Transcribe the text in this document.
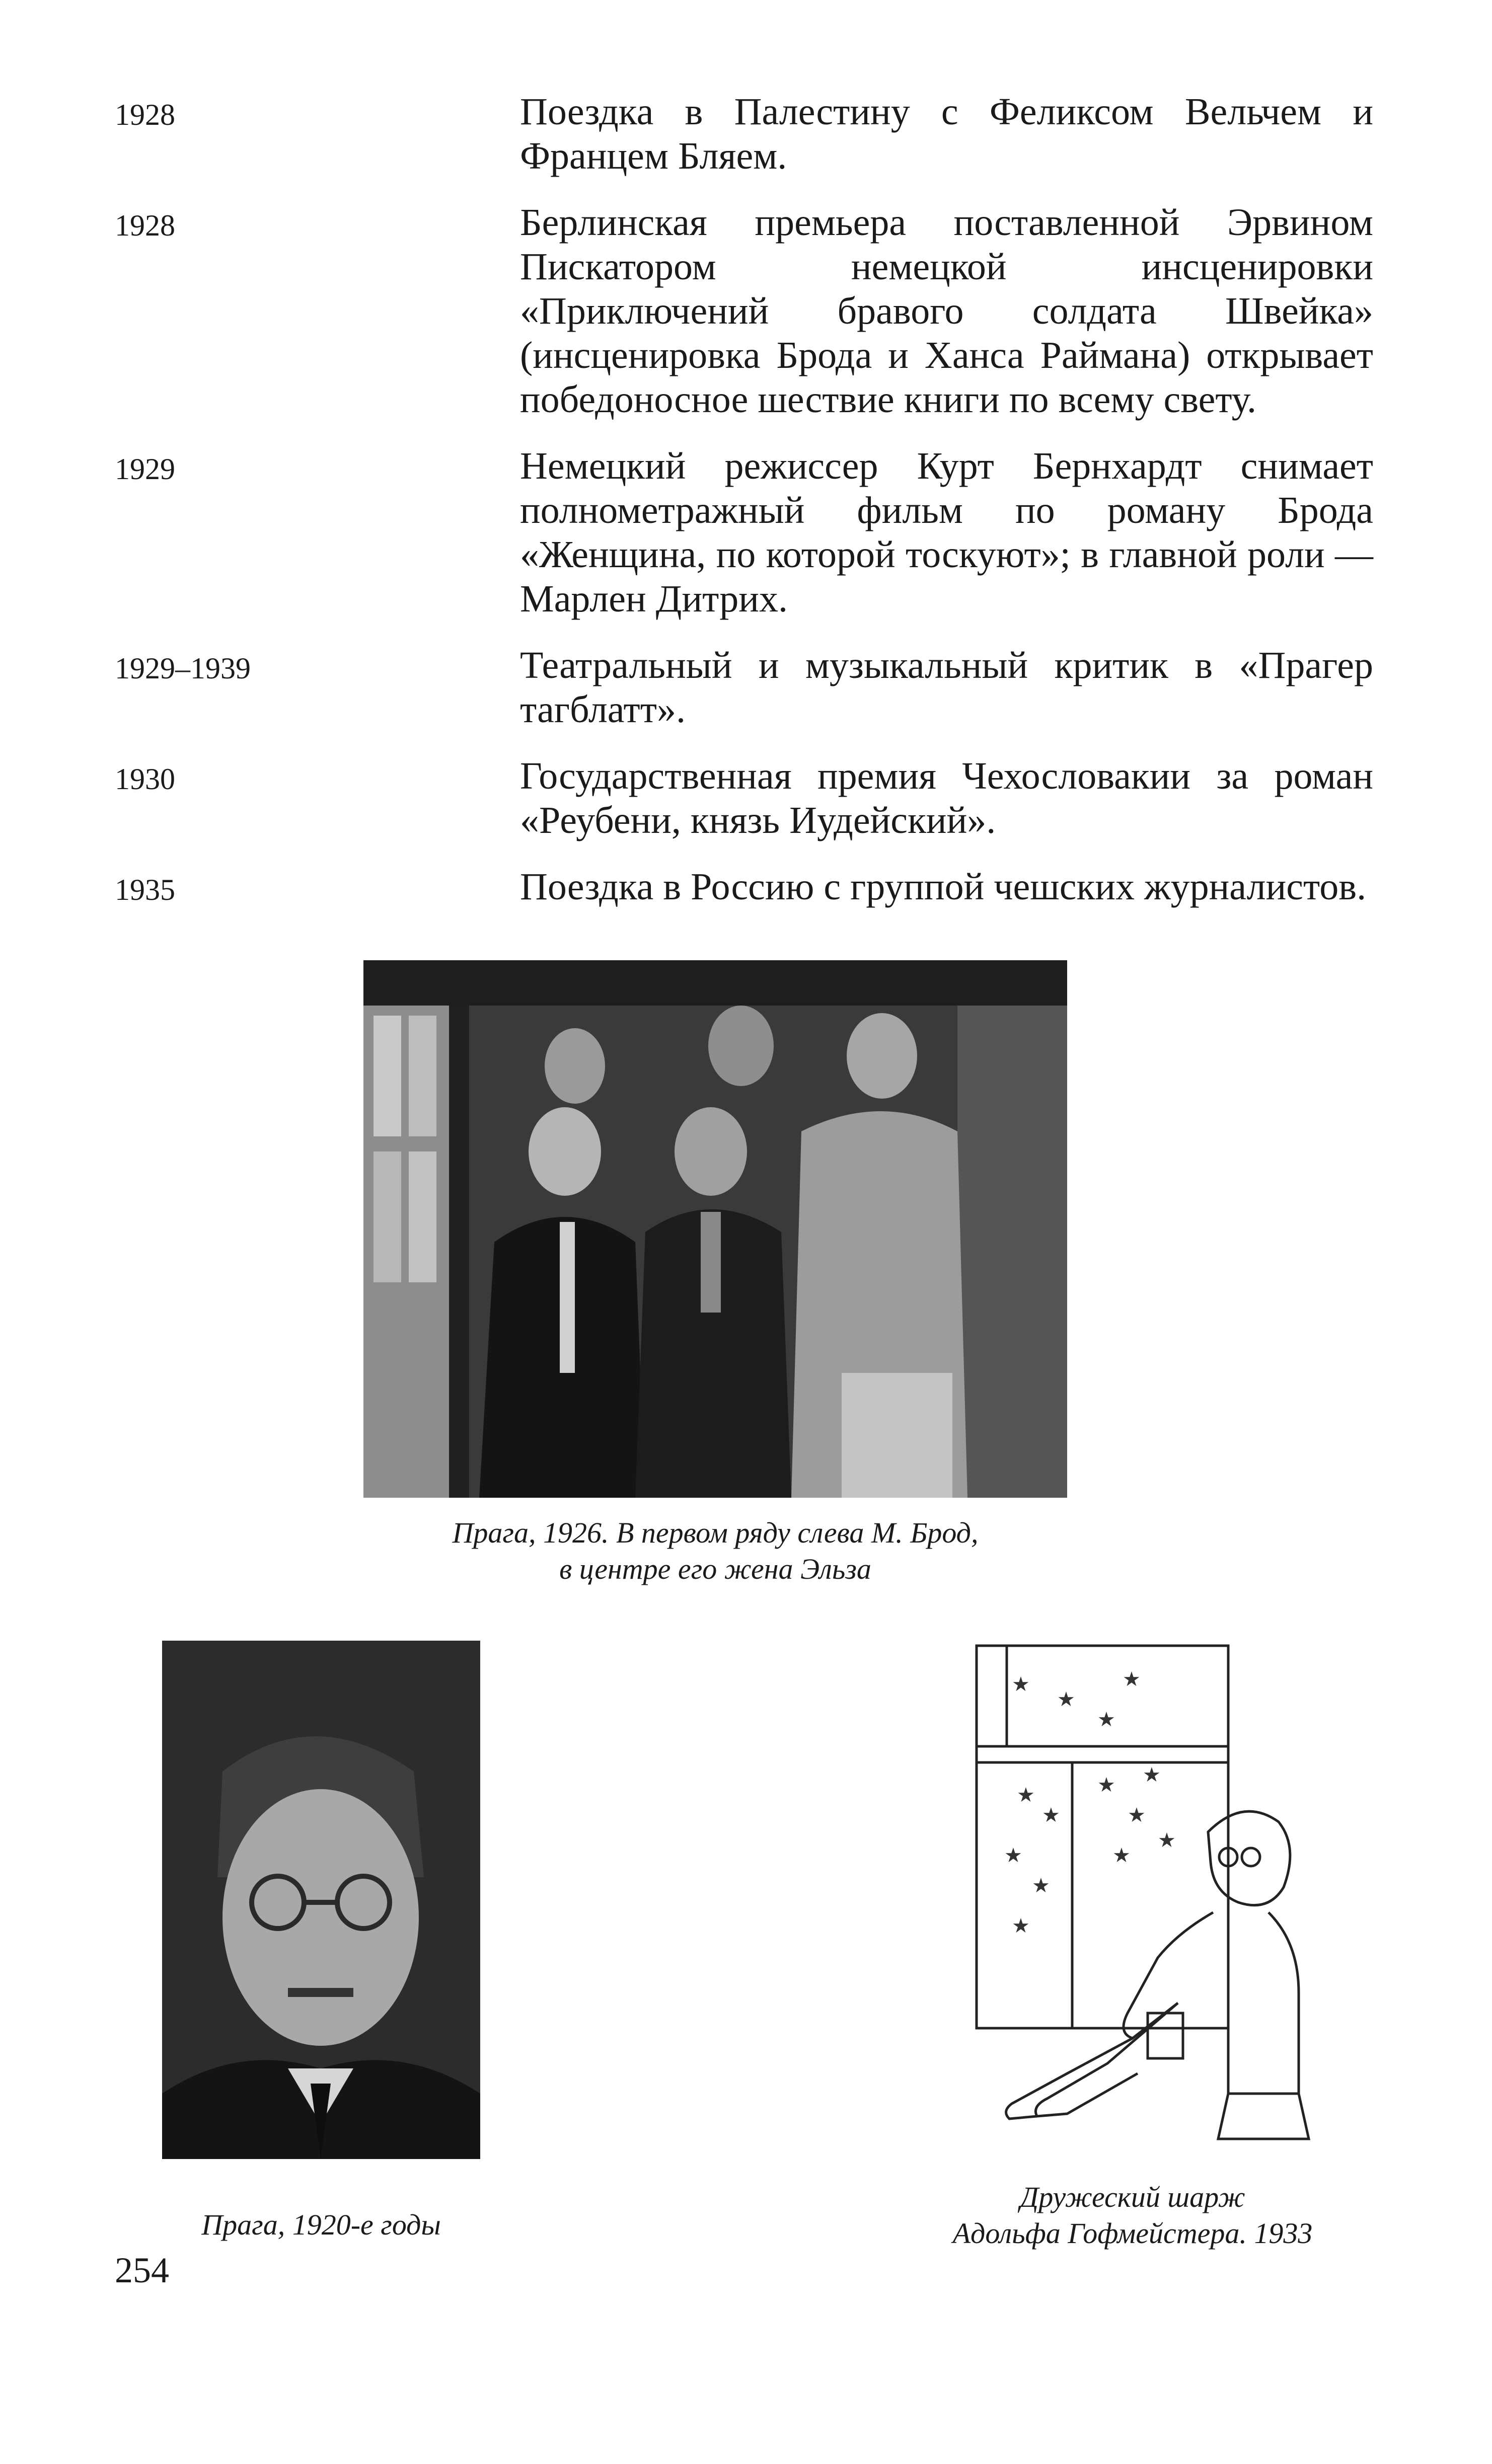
1928	Поездка в Палестину с Феликсом Вельчем и Францем Бляем.
1928	Берлинская премьера поставленной Эрвином Пискатором немецкой инсценировки «Приключений бравого солдата Швейка» (инсценировка Брода и Ханса Раймана) открывает победоносное шествие книги по всему свету.
1929	Немецкий режиссер Курт Бернхардт снимает полнометражный фильм по роману Брода «Женщина, по которой тоскуют»; в главной роли — Марлен Дитрих.
1929–1939	Театральный и музыкальный критик в «Прагер тагблатт».
1930	Государственная премия Чехословакии за роман «Реубени, князь Иудейский».
1935	Поездка в Россию с группой чешских журналистов.
Прага, 1926. В первом ряду слева М. Брод,
в центре его жена Эльза
Прага, 1920-е годы
★
★
★
★
★
★
★
★
★
★
★
★
★
★
Дружеский шарж
Адольфа Гофмейстера. 1933
254
